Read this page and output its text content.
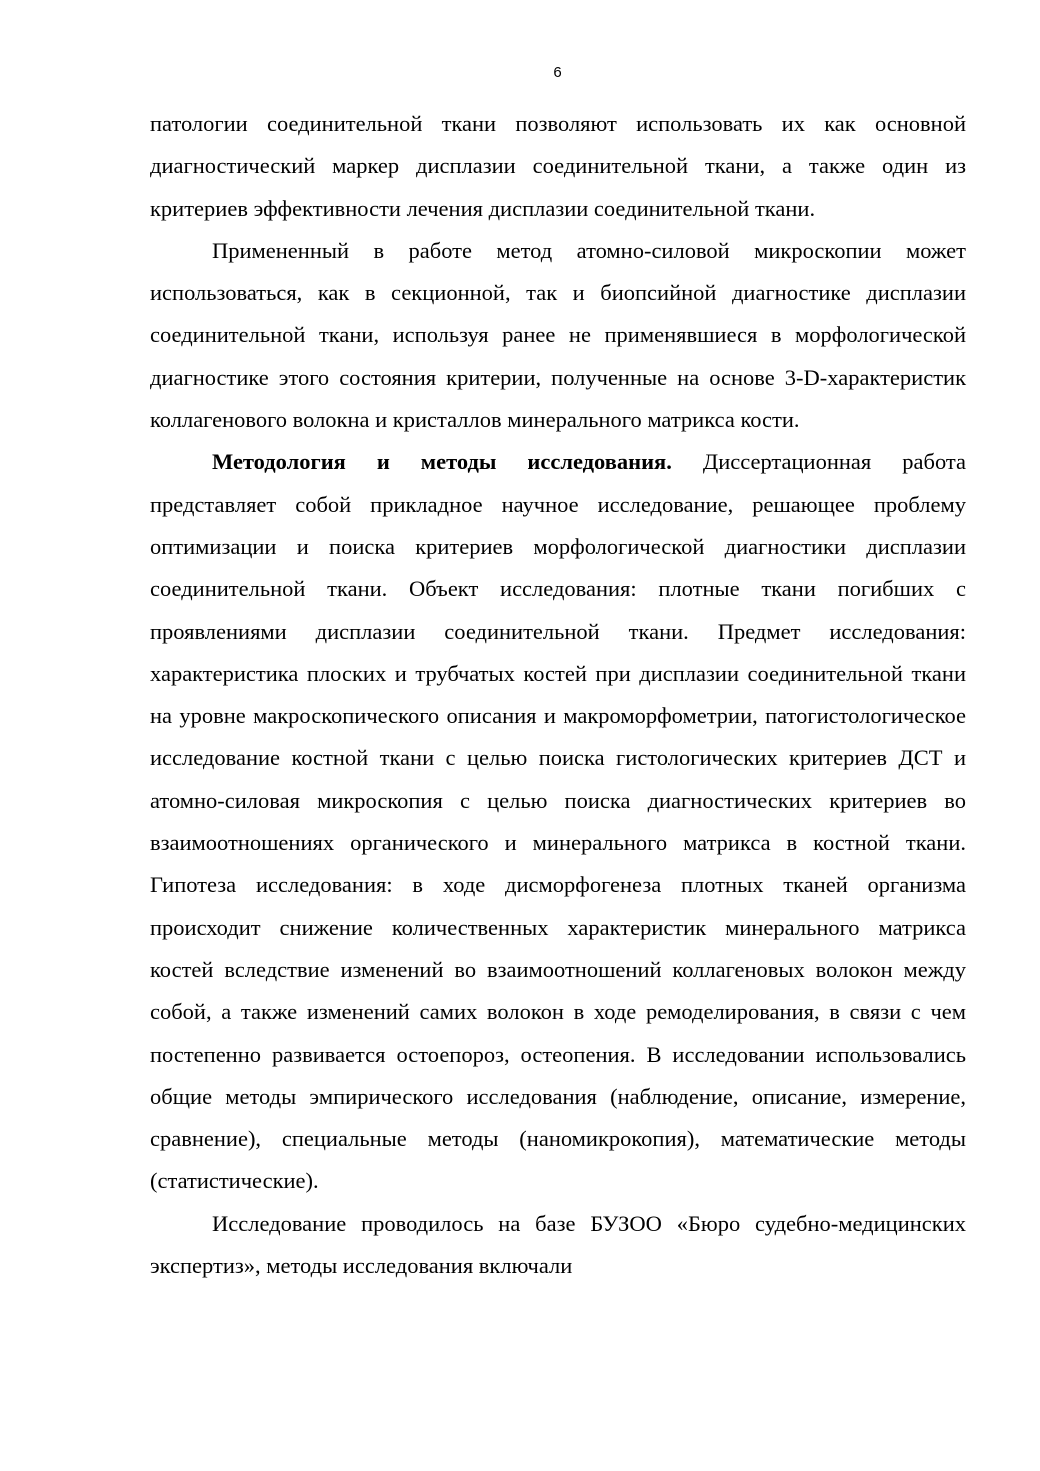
6

патологии соединительной ткани позволяют использовать их как основной диагностический маркер дисплазии соединительной ткани, а также один из критериев эффективности лечения дисплазии соединительной ткани.

Примененный в работе метод атомно-силовой микроскопии может использоваться, как в секционной, так и биопсийной диагностике дисплазии соединительной ткани, используя ранее не применявшиеся в морфологической диагностике этого состояния критерии, полученные на основе 3-D-характеристик коллагенового волокна и кристаллов минерального матрикса кости.

Методология и методы исследования. Диссертационная работа представляет собой прикладное научное исследование, решающее проблему оптимизации и поиска критериев морфологической диагностики дисплазии соединительной ткани. Объект исследования: плотные ткани погибших с проявлениями дисплазии соединительной ткани. Предмет исследования: характеристика плоских и трубчатых костей при дисплазии соединительной ткани на уровне макроскопического описания и макроморфометрии, патогистологическое исследование костной ткани с целью поиска гистологических критериев ДСТ и атомно-силовая микроскопия с целью поиска диагностических критериев во взаимоотношениях органического и минерального матрикса в костной ткани. Гипотеза исследования: в ходе дисморфогенеза плотных тканей организма происходит снижение количественных характеристик минерального матрикса костей вследствие изменений во взаимоотношений коллагеновых волокон между собой, а также изменений самих волокон в ходе ремоделирования, в связи с чем постепенно развивается остоепороз, остеопения. В исследовании использовались общие методы эмпирического исследования (наблюдение, описание, измерение, сравнение), специальные методы (наномикрокопия), математические методы (статистические).

Исследование проводилось на базе БУЗОО «Бюро судебно-медицинских экспертиз», методы исследования включали
